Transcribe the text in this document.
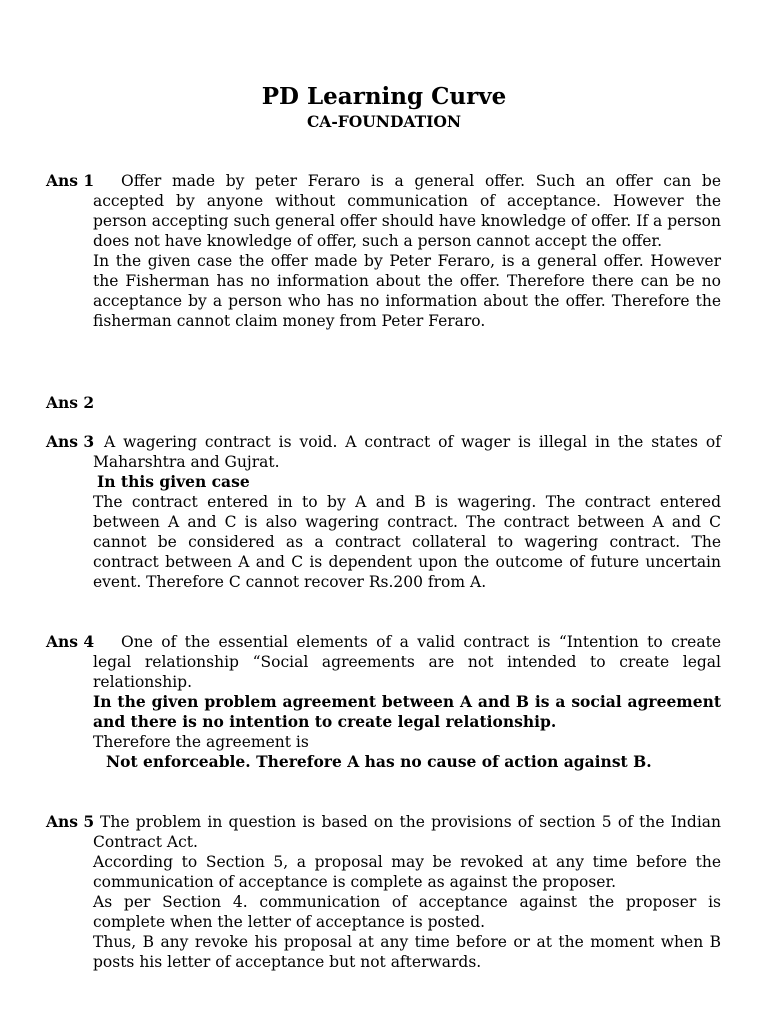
PD Learning Curve
CA-FOUNDATION
Ans 1	Offer made by peter Feraro is a general offer. Such an offer can be accepted by anyone without communication of acceptance. However the person accepting such general offer should have knowledge of offer. If a person does not have knowledge of offer, such a person cannot accept the offer.

In the given case the offer made by Peter Feraro, is a general offer. However the Fisherman has no information about the offer. Therefore there can be no acceptance by a person who has no information about the offer. Therefore the fisherman cannot claim money from Peter Feraro.

Ans 2
Ans 3 A wagering contract is void. A contract of wager is illegal in the states of Maharshtra and Gujrat.

In this given case

The contract entered in to by A and B is wagering. The contract entered between A and C is also wagering contract. The contract between A and C cannot be considered as a contract collateral to wagering contract. The contract between A and C is dependent upon the outcome of future uncertain event. Therefore C cannot recover Rs.200 from A.

Ans 4	One of the essential elements of a valid contract is “Intention to create legal relationship “Social agreements are not intended to create legal relationship.

In the given problem agreement between A and B is a social agreement and there is no intention to create legal relationship.

Therefore the agreement is

Not enforceable. Therefore A has no cause of action against B.

Ans 5 The problem in question is based on the provisions of section 5 of the Indian Contract Act.

According to Section 5, a proposal may be revoked at any time before the communication of acceptance is complete as against the proposer.

As per Section 4. communication of acceptance against the proposer is complete when the letter of acceptance is posted.

Thus, B any revoke his proposal at any time before or at the moment when B posts his letter of acceptance but not afterwards.
